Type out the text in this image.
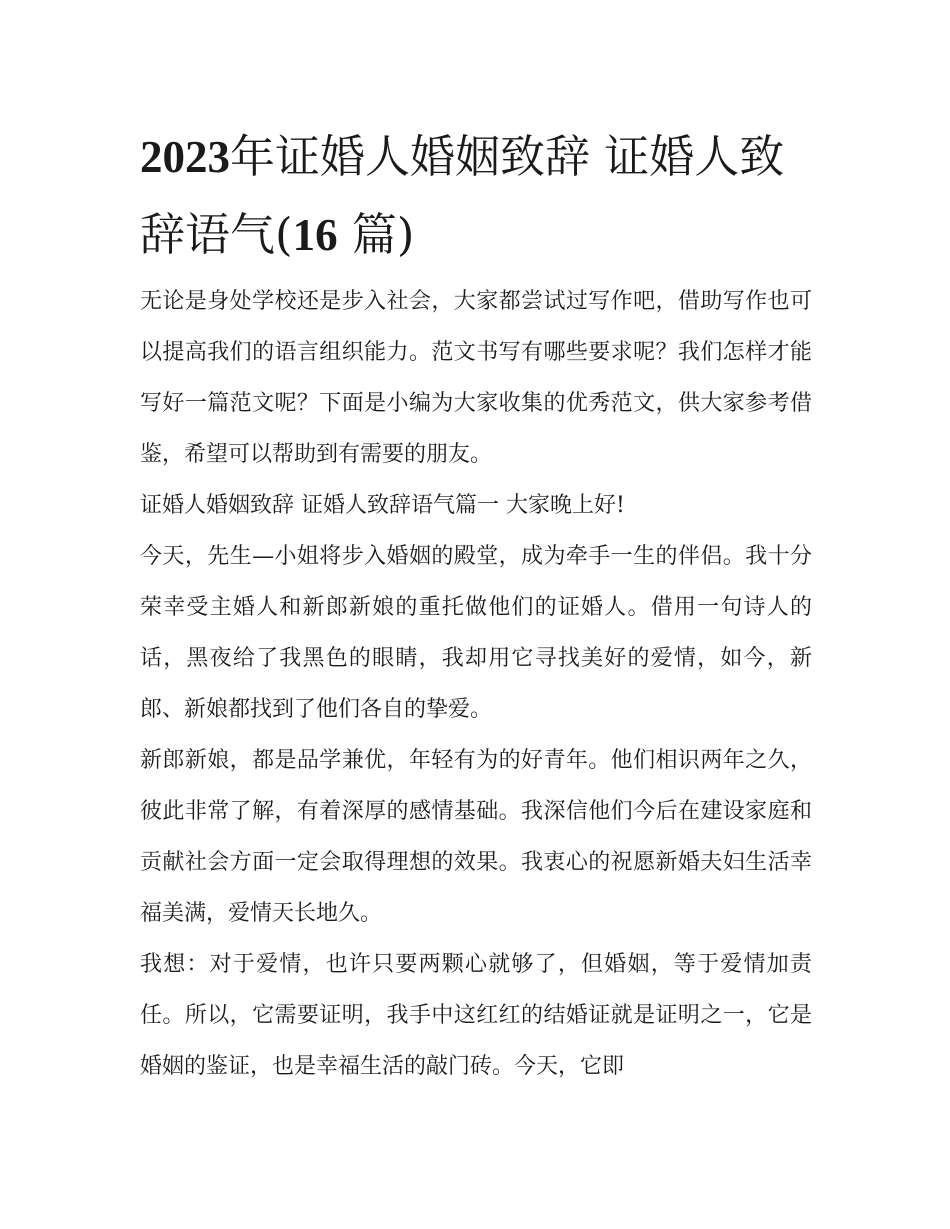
2023年证婚人婚姻致辞 证婚人致辞语气(16 篇)

无论是身处学校还是步入社会，大家都尝试过写作吧，借助写作也可以提高我们的语言组织能力。范文书写有哪些要求呢？我们怎样才能写好一篇范文呢？下面是小编为大家收集的优秀范文，供大家参考借鉴，希望可以帮助到有需要的朋友。

证婚人婚姻致辞 证婚人致辞语气篇一 大家晚上好!

今天，先生—小姐将步入婚姻的殿堂，成为牵手一生的伴侣。我十分荣幸受主婚人和新郎新娘的重托做他们的证婚人。借用一句诗人的话，黑夜给了我黑色的眼睛，我却用它寻找美好的爱情，如今，新郎、新娘都找到了他们各自的挚爱。

新郎新娘，都是品学兼优，年轻有为的好青年。他们相识两年之久，彼此非常了解，有着深厚的感情基础。我深信他们今后在建设家庭和贡献社会方面一定会取得理想的效果。我衷心的祝愿新婚夫妇生活幸福美满，爱情天长地久。

我想：对于爱情，也许只要两颗心就够了，但婚姻，等于爱情加责任。所以，它需要证明，我手中这红红的结婚证就是证明之一，它是婚姻的鉴证，也是幸福生活的敲门砖。今天，它即
